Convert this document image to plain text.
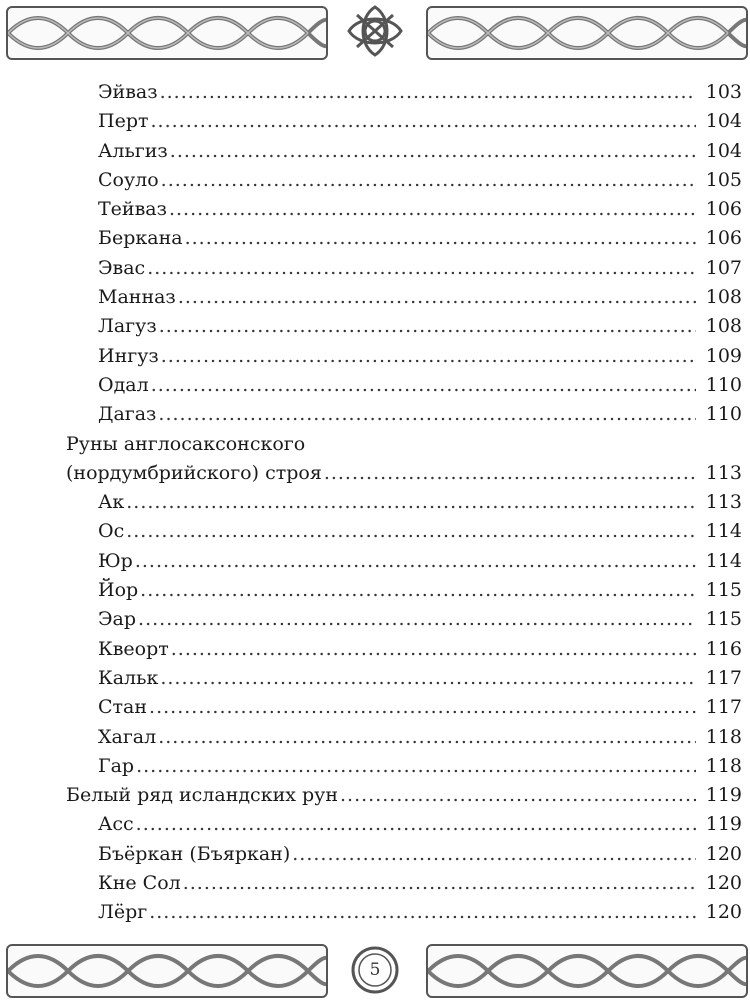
Эйваз .....	103
Перт .....	104
Альгиз .....	104
Соуло .....	105
Тейваз .....	106
Беркана .....	106
Эвас .....	107
Манназ .....	108
Лагуз .....	108
Ингуз .....	109
Одал .....	110
Дагаз .....	110
Руны англосаксонского
(нордумбрийского) строя .....	113
Ак .....	113
Ос .....	114
Юр .....	114
Йор .....	115
Эар .....	115
Квеорт .....	116
Кальк .....	117
Стан .....	117
Хагал .....	118
Гар .....	118
Белый ряд исландских рун .....	119
Асс .....	119
Бъёркан (Бъяркан) .....	120
Кне Сол .....	120
Лёрг .....	120
5
